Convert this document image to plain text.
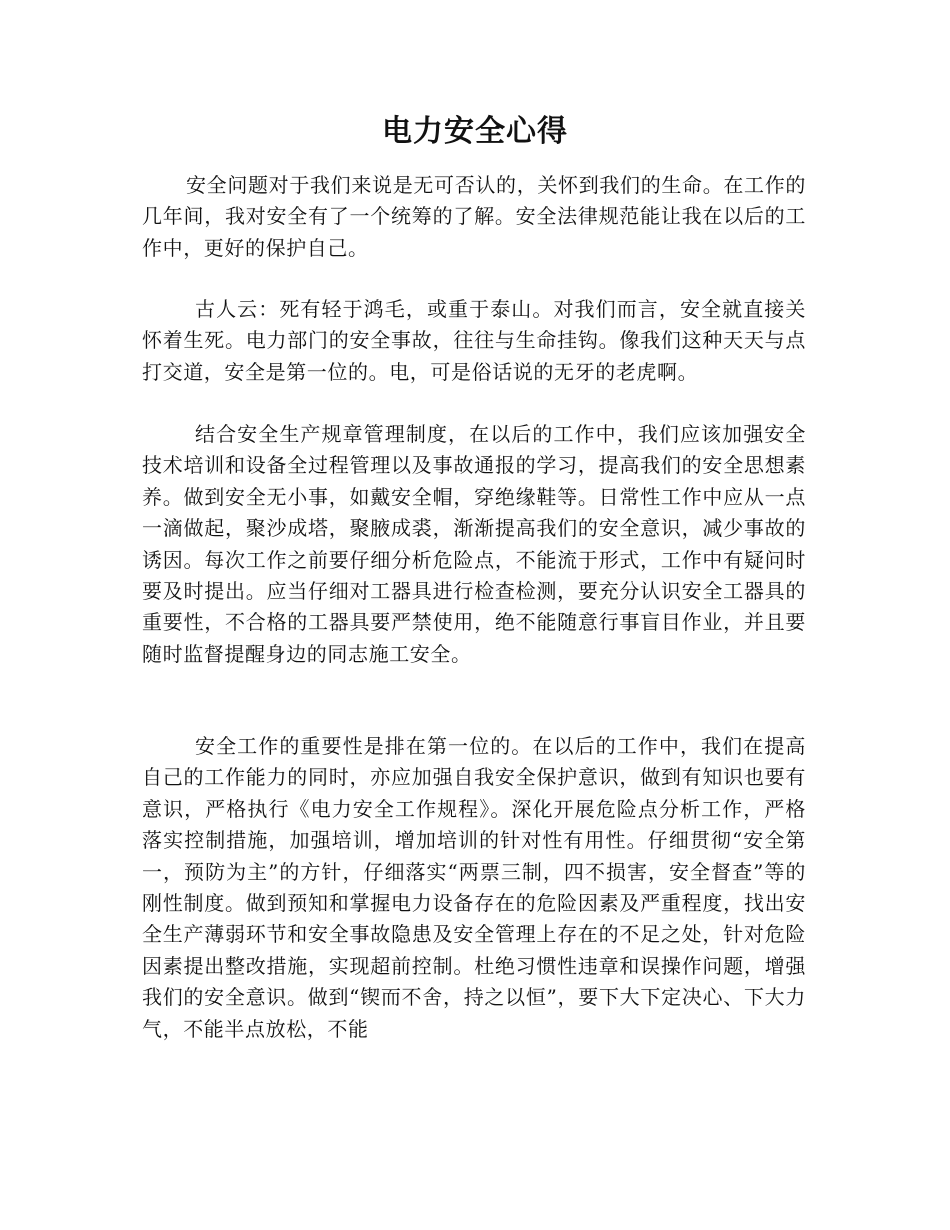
电力安全心得

安全问题对于我们来说是无可否认的，关怀到我们的生命。在工作的几年间，我对安全有了一个统筹的了解。安全法律规范能让我在以后的工作中，更好的保护自己。

古人云：死有轻于鸿毛，或重于泰山。对我们而言，安全就直接关怀着生死。电力部门的安全事故，往往与生命挂钩。像我们这种天天与点打交道，安全是第一位的。电，可是俗话说的无牙的老虎啊。

结合安全生产规章管理制度，在以后的工作中，我们应该加强安全技术培训和设备全过程管理以及事故通报的学习，提高我们的安全思想素养。做到安全无小事，如戴安全帽，穿绝缘鞋等。日常性工作中应从一点一滴做起，聚沙成塔，聚腋成裘，渐渐提高我们的安全意识，减少事故的诱因。每次工作之前要仔细分析危险点，不能流于形式，工作中有疑问时要及时提出。应当仔细对工器具进行检查检测，要充分认识安全工器具的重要性，不合格的工器具要严禁使用，绝不能随意行事盲目作业，并且要随时监督提醒身边的同志施工安全。

安全工作的重要性是排在第一位的。在以后的工作中，我们在提高自己的工作能力的同时，亦应加强自我安全保护意识，做到有知识也要有意识，严格执行《电力安全工作规程》。深化开展危险点分析工作，严格落实控制措施，加强培训，增加培训的针对性有用性。仔细贯彻“安全第一，预防为主”的方针，仔细落实“两票三制，四不损害，安全督查”等的刚性制度。做到预知和掌握电力设备存在的危险因素及严重程度，找出安全生产薄弱环节和安全事故隐患及安全管理上存在的不足之处，针对危险因素提出整改措施，实现超前控制。杜绝习惯性违章和误操作问题，增强我们的安全意识。做到“锲而不舍，持之以恒”，要下大下定决心、下大力气，不能半点放松，不能
